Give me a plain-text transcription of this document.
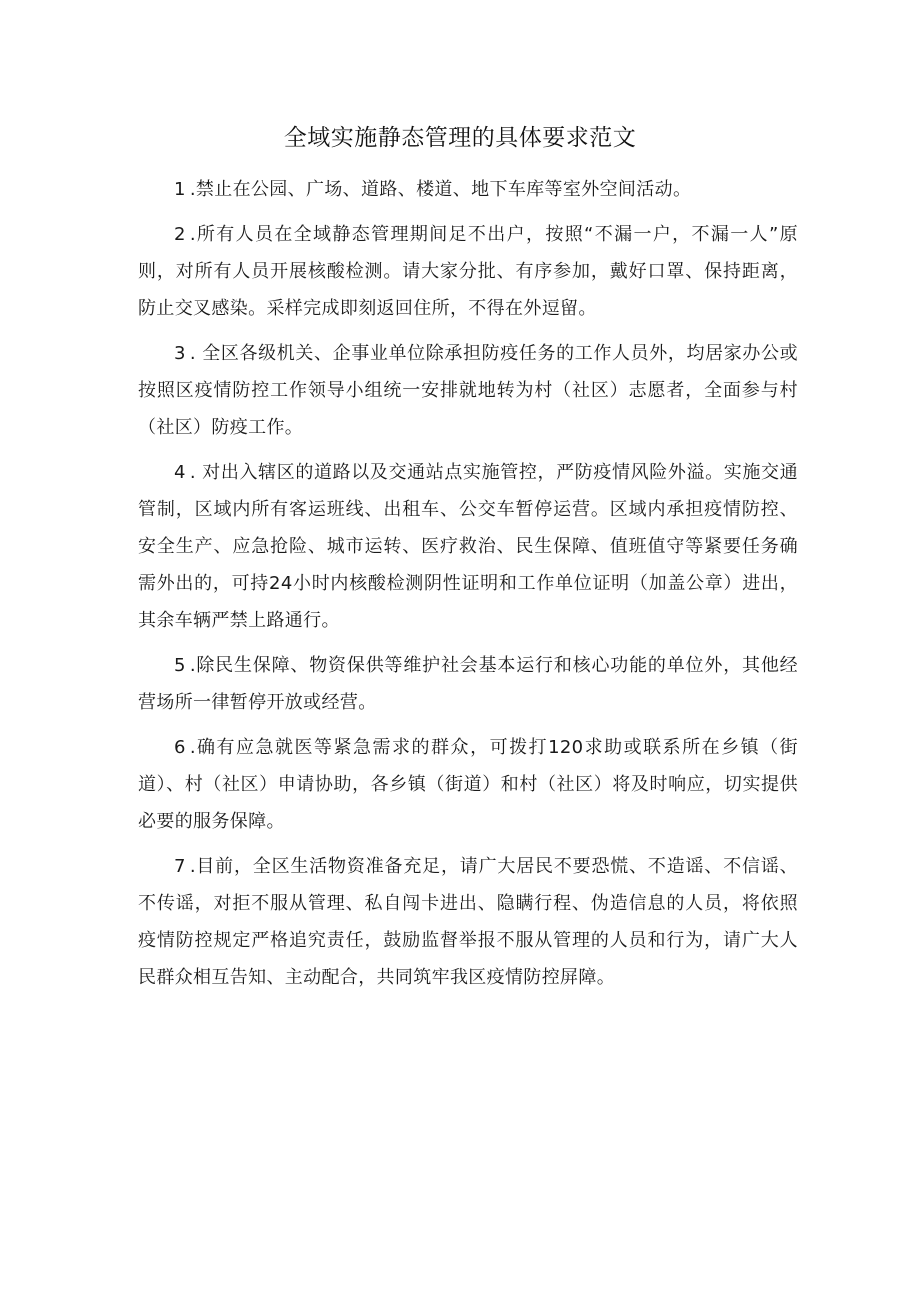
全域实施静态管理的具体要求范文

1 .禁止在公园、广场、道路、楼道、地下车库等室外空间活动。

2 .所有人员在全域静态管理期间足不出户，按照“不漏一户，不漏一人”原则，对所有人员开展核酸检测。请大家分批、有序参加，戴好口罩、保持距离，防止交叉感染。采样完成即刻返回住所，不得在外逗留。

3 . 全区各级机关、企事业单位除承担防疫任务的工作人员外，均居家办公或按照区疫情防控工作领导小组统一安排就地转为村（社区）志愿者，全面参与村（社区）防疫工作。

4 . 对出入辖区的道路以及交通站点实施管控，严防疫情风险外溢。实施交通管制，区域内所有客运班线、出租车、公交车暂停运营。区域内承担疫情防控、安全生产、应急抢险、城市运转、医疗救治、民生保障、值班值守等紧要任务确需外出的，可持24小时内核酸检测阴性证明和工作单位证明（加盖公章）进出，其余车辆严禁上路通行。

5 .除民生保障、物资保供等维护社会基本运行和核心功能的单位外，其他经营场所一律暂停开放或经营。

6 .确有应急就医等紧急需求的群众，可拨打120求助或联系所在乡镇（街道）、村（社区）申请协助，各乡镇（街道）和村（社区）将及时响应，切实提供必要的服务保障。

7 .目前，全区生活物资准备充足，请广大居民不要恐慌、不造谣、不信谣、不传谣，对拒不服从管理、私自闯卡进出、隐瞒行程、伪造信息的人员，将依照疫情防控规定严格追究责任，鼓励监督举报不服从管理的人员和行为，请广大人民群众相互告知、主动配合，共同筑牢我区疫情防控屏障。
